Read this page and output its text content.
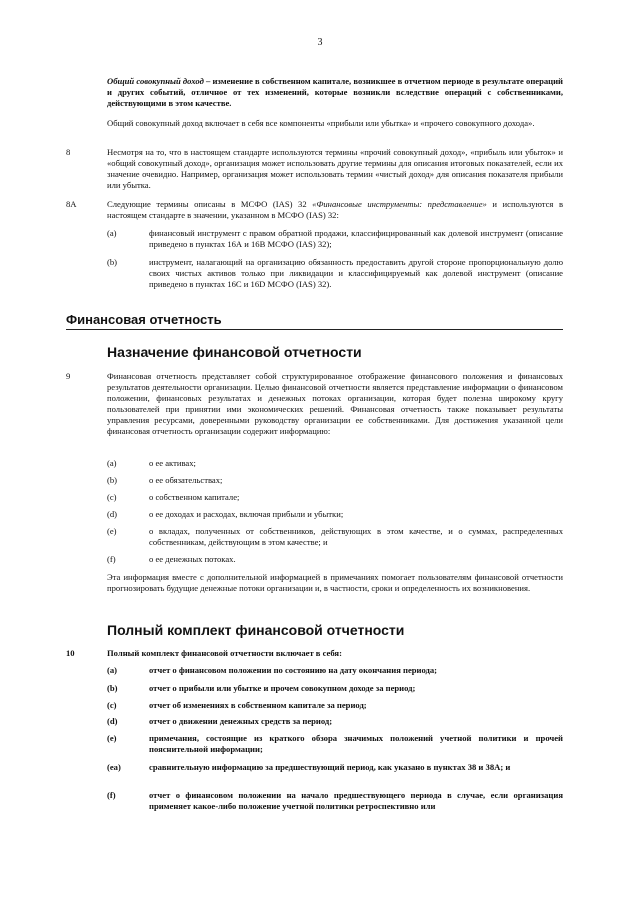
3
Общий совокупный доход – изменение в собственном капитале, возникшее в отчетном периоде в результате операций и других событий, отличное от тех изменений, которые возникли вследствие операций с собственниками, действующими в этом качестве.
Общий совокупный доход включает в себя все компоненты «прибыли или убытка» и «прочего совокупного дохода».
8	Несмотря на то, что в настоящем стандарте используются термины «прочий совокупный доход», «прибыль или убыток» и «общий совокупный доход», организация может использовать другие термины для описания итоговых показателей, если их значение очевидно. Например, организация может использовать термин «чистый доход» для описания показателя прибыли или убытка.
8А	Следующие термины описаны в МСФО (IAS) 32 «Финансовые инструменты: представление» и используются в настоящем стандарте в значении, указанном в МСФО (IAS) 32:
(a)	финансовый инструмент с правом обратной продажи, классифицированный как долевой инструмент (описание приведено в пунктах 16А и 16В МСФО (IAS) 32);
(b)	инструмент, налагающий на организацию обязанность предоставить другой стороне пропорциональную долю своих чистых активов только при ликвидации и классифицируемый как долевой инструмент (описание приведено в пунктах 16С и 16D МСФО (IAS) 32).
Финансовая отчетность
Назначение финансовой отчетности
9	Финансовая отчетность представляет собой структурированное отображение финансового положения и финансовых результатов деятельности организации. Целью финансовой отчетности является представление информации о финансовом положении, финансовых результатах и денежных потоках организации, которая будет полезна широкому кругу пользователей при принятии ими экономических решений. Финансовая отчетность также показывает результаты управления ресурсами, доверенными руководству организации ее собственниками. Для достижения указанной цели финансовая отчетность организации содержит информацию:
(a)	о ее активах;
(b)	о ее обязательствах;
(c)	о собственном капитале;
(d)	о ее доходах и расходах, включая прибыли и убытки;
(e)	о вкладах, полученных от собственников, действующих в этом качестве, и о суммах, распределенных собственникам, действующим в этом качестве; и
(f)	о ее денежных потоках.
Эта информация вместе с дополнительной информацией в примечаниях помогает пользователям финансовой отчетности прогнозировать будущие денежные потоки организации и, в частности, сроки и определенность их возникновения.
Полный комплект финансовой отчетности
10	Полный комплект финансовой отчетности включает в себя:
(a)	отчет о финансовом положении по состоянию на дату окончания периода;
(b)	отчет о прибыли или убытке и прочем совокупном доходе за период;
(c)	отчет об изменениях в собственном капитале за период;
(d)	отчет о движении денежных средств за период;
(e)	примечания, состоящие из краткого обзора значимых положений учетной политики и прочей пояснительной информации;
(ea)	сравнительную информацию за предшествующий период, как указано в пунктах 38 и 38А; и
(f)	отчет о финансовом положении на начало предшествующего периода в случае, если организация применяет какое-либо положение учетной политики ретроспективно или
